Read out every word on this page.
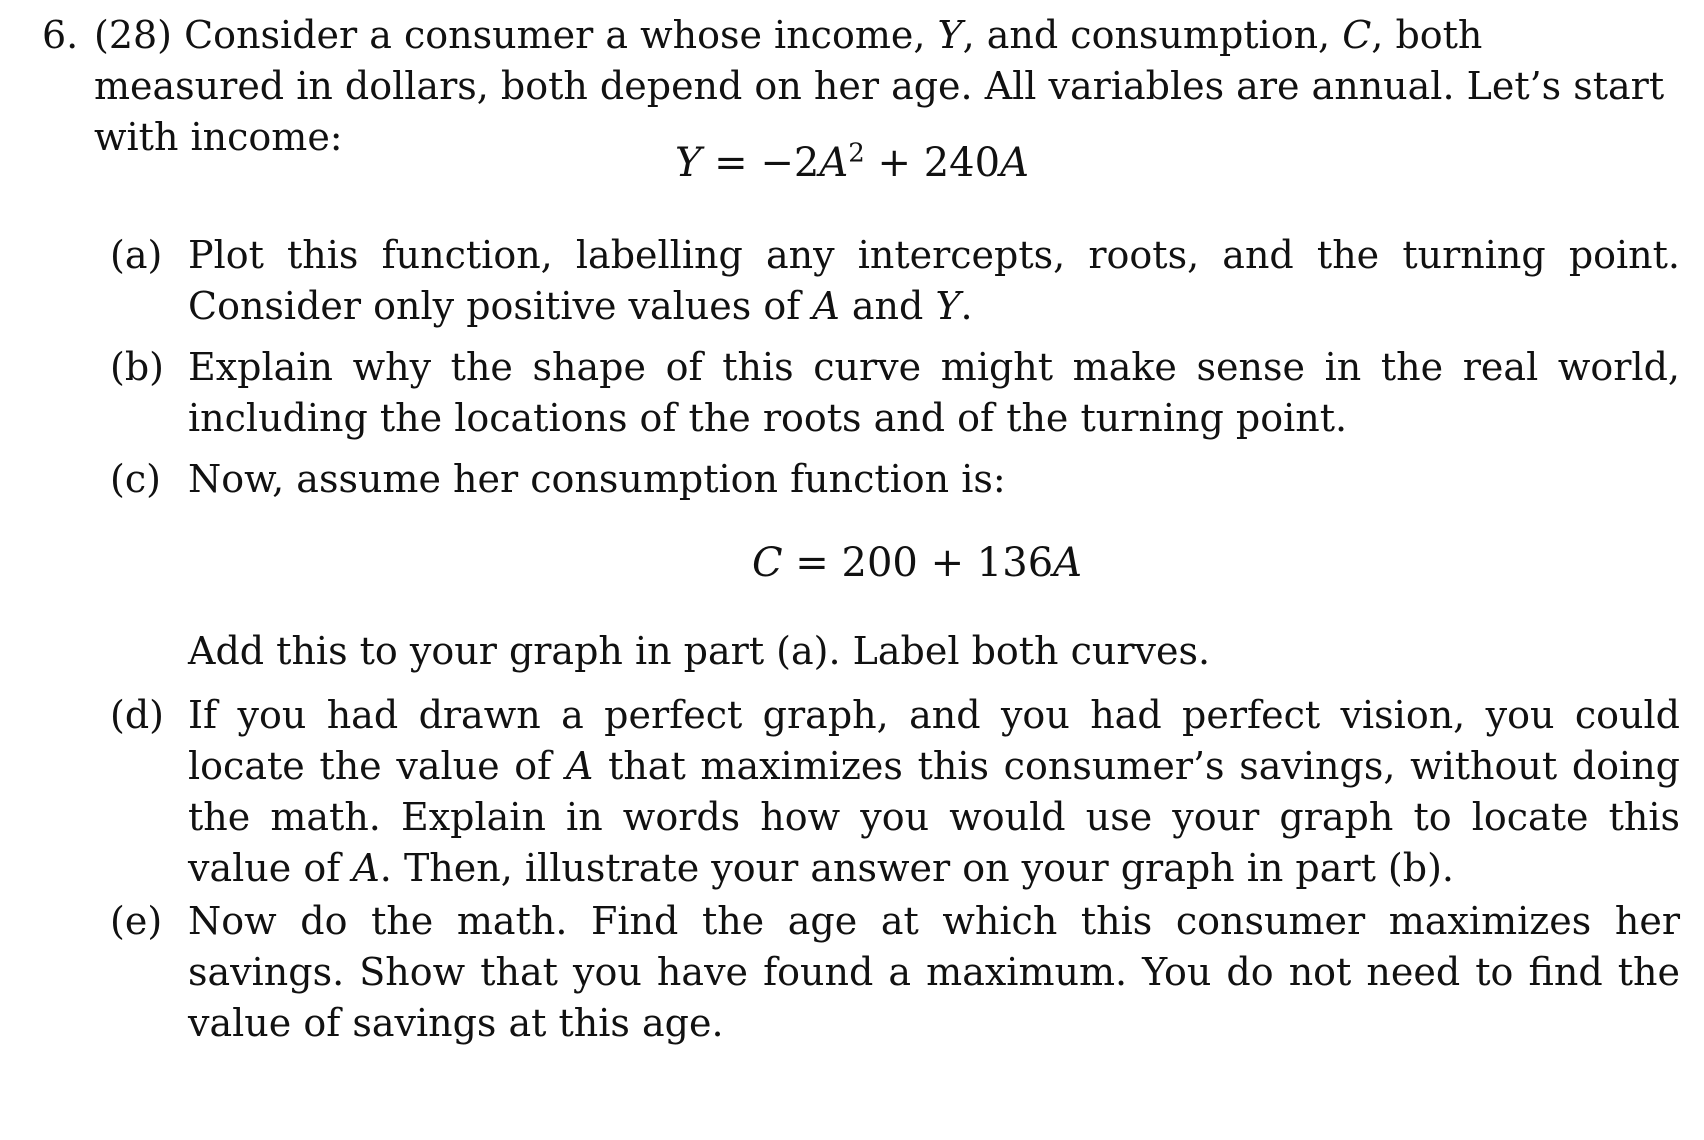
6. (28) Consider a consumer a whose income, Y, and consumption, C, both measured in dollars, both depend on her age. All variables are annual. Let’s start with income:
$Y = -2A^2 + 240A$
(a) Plot this function, labelling any intercepts, roots, and the turning point. Consider only positive values of A and Y.
(b) Explain why the shape of this curve might make sense in the real world, including the locations of the roots and of the turning point.
(c) Now, assume her consumption function is:
C = 200 + 136A
Add this to your graph in part (a). Label both curves.
(d) If you had drawn a perfect graph, and you had perfect vision, you could locate the value of A that maximizes this consumer’s savings, without doing the math. Explain in words how you would use your graph to locate this value of A. Then, illustrate your answer on your graph in part (b).
(e) Now do the math. Find the age at which this consumer maximizes her savings. Show that you have found a maximum. You do not need to find the value of savings at this age.
